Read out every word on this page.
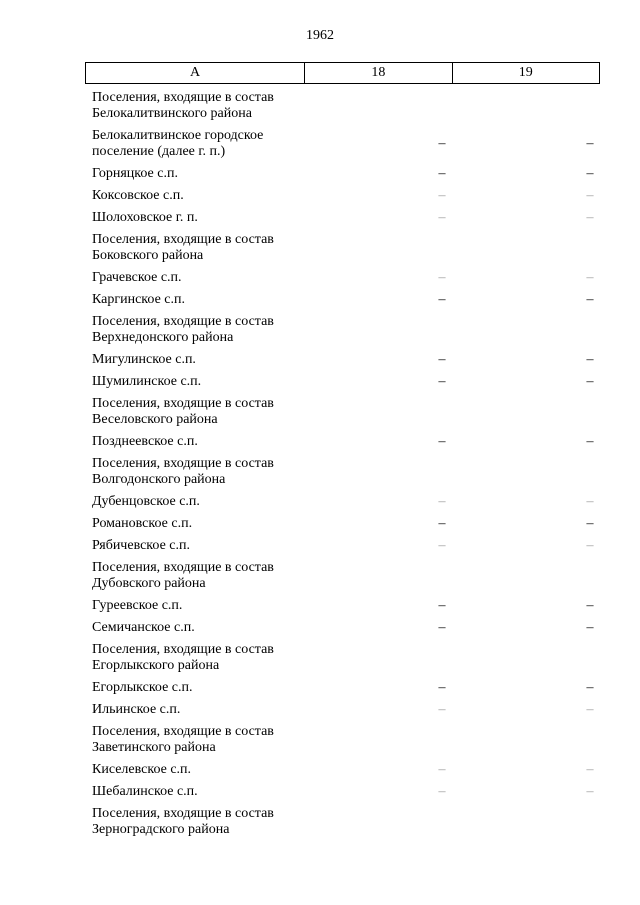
1962
А	18	19
Поселения, входящие в состав
Белокалитвинского района
Белокалитвинское городское
поселение (далее г. п.)
–	–
Горняцкое с.п.	–	–
Коксовское с.п.	–	–
Шолоховское г. п.	–	–
Поселения, входящие в состав
Боковского района
Грачевское с.п.	–	–
Каргинское с.п.	–	–
Поселения, входящие в состав
Верхнедонского района
Мигулинское с.п.	–	–
Шумилинское с.п.	–	–
Поселения, входящие в состав
Веселовского района
Позднеевское с.п.	–	–
Поселения, входящие в состав
Волгодонского района
Дубенцовское с.п.	–	–
Романовское с.п.	–	–
Рябичевское с.п.	–	–
Поселения, входящие в состав
Дубовского района
Гуреевское с.п.	–	–
Семичанское с.п.	–	–
Поселения, входящие в состав
Егорлыкского района
Егорлыкское с.п.	–	–
Ильинское с.п.	–	–
Поселения, входящие в состав
Заветинского района
Киселевское с.п.	–	–
Шебалинское с.п.	–	–
Поселения, входящие в состав
Зерноградского района
